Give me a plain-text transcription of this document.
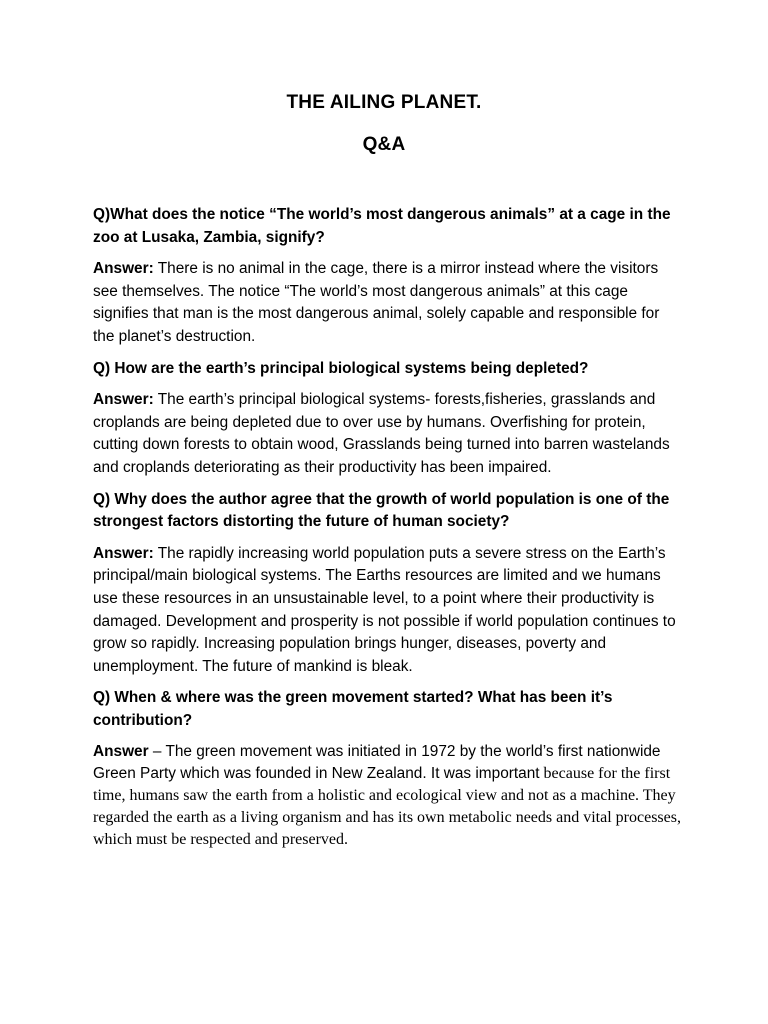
THE AILING PLANET.
Q&A

Q)What does the notice “The world’s most dangerous animals” at a cage in the zoo at Lusaka, Zambia, signify?

Answer: There is no animal in the cage, there is a mirror instead where the visitors see themselves. The notice “The world’s most dangerous animals” at this cage signifies that man is the most dangerous animal, solely capable and responsible for the planet’s destruction.

Q) How are the earth’s principal biological systems being depleted?

Answer: The earth’s principal biological systems- forests,fisheries, grasslands and croplands are being depleted due to over use by humans. Overfishing for protein, cutting down forests to obtain wood, Grasslands being turned into barren wastelands and croplands deteriorating as their productivity has been impaired.

Q) Why does the author agree that the growth of world population is one of the strongest factors distorting the future of human society?

Answer: The rapidly increasing world population puts a severe stress on the Earth’s principal/main biological systems. The Earths resources are limited and we humans use these resources in an unsustainable level, to a point where their productivity is damaged. Development and prosperity is not possible if world population continues to grow so rapidly. Increasing population brings hunger, diseases, poverty and unemployment. The future of mankind is bleak.

Q) When & where was the green movement started? What has been it’s contribution?

Answer – The green movement was initiated in 1972 by the world’s first nationwide Green Party which was founded in New Zealand. It was important because for the first time, humans saw the earth from a holistic and ecological view and not as a machine. They regarded the earth as a living organism and has its own metabolic needs and vital processes, which must be respected and preserved.
